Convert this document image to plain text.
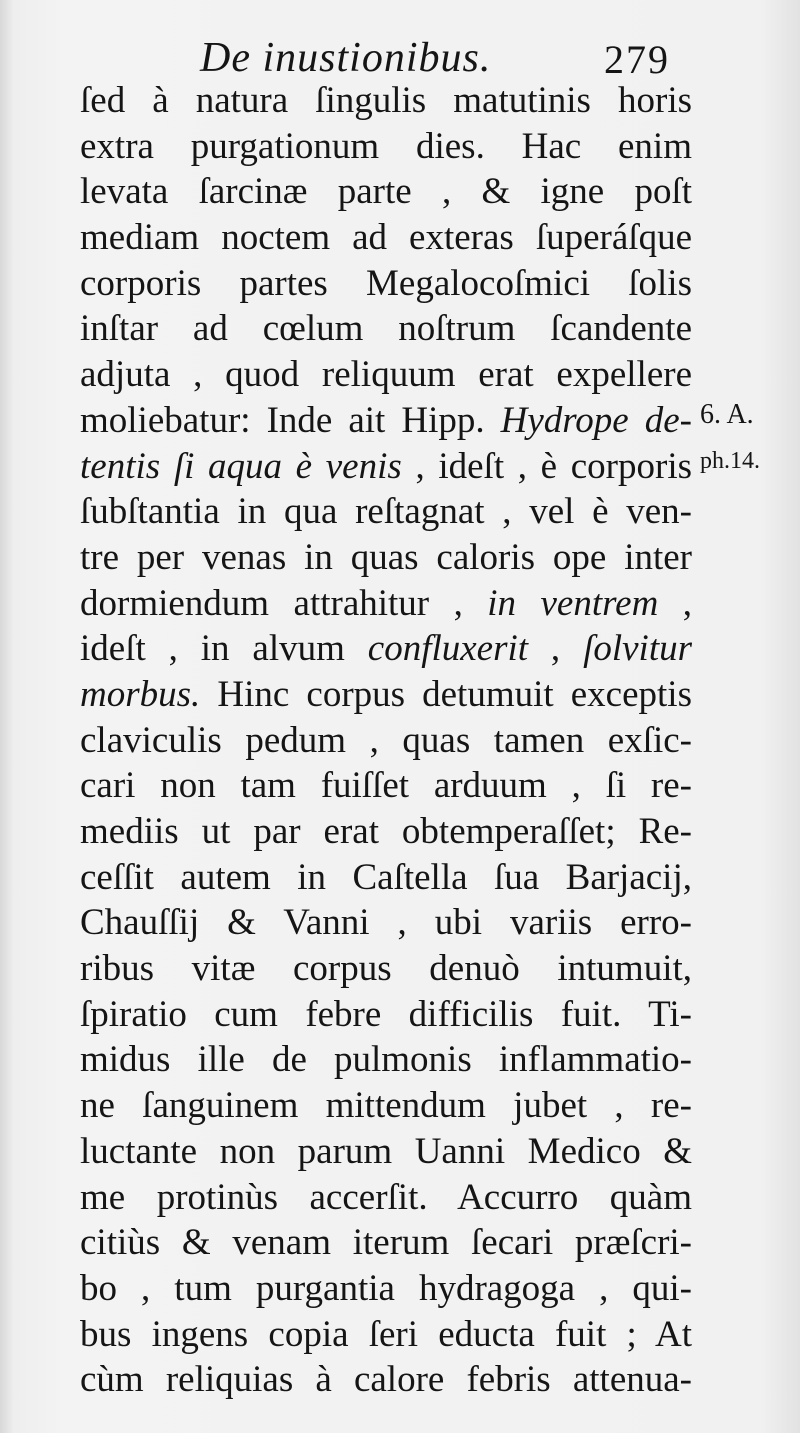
De inustionibus.	279
ſed à natura ſingulis matutinis horis
extra purgationum dies. Hac enim
levata ſarcinæ parte , & igne poſt
mediam noctem ad exteras ſuperáſque
corporis partes Megalocoſmici ſolis
inſtar ad cœlum noſtrum ſcandente
adjuta , quod reliquum erat expellere
moliebatur: Inde ait Hipp. Hydrope de-
tentis ſi aqua è venis , ideſt , è corporis
ſubſtantia in qua reſtagnat , vel è ven-
tre per venas in quas caloris ope inter
dormiendum attrahitur , in ventrem ,
ideſt , in alvum confluxerit , ſolvitur
morbus. Hinc corpus detumuit exceptis
claviculis pedum , quas tamen exſic-
cari non tam fuiſſet arduum , ſi re-
mediis ut par erat obtemperaſſet; Re-
ceſſit autem in Caſtella ſua Barjacij,
Chauſſij & Vanni , ubi variis erro-
ribus vitæ corpus denuò intumuit,
ſpiratio cum febre difficilis fuit. Ti-
midus ille de pulmonis inflammatio-
ne ſanguinem mittendum jubet , re-
luctante non parum Uanni Medico &
me protinùs accerſit. Accurro quàm
citiùs & venam iterum ſecari præſcri-
bo , tum purgantia hydragoga , qui-
bus ingens copia ſeri educta fuit ; At
cùm reliquias à calore febris attenua-
6. A.
ph.14.
